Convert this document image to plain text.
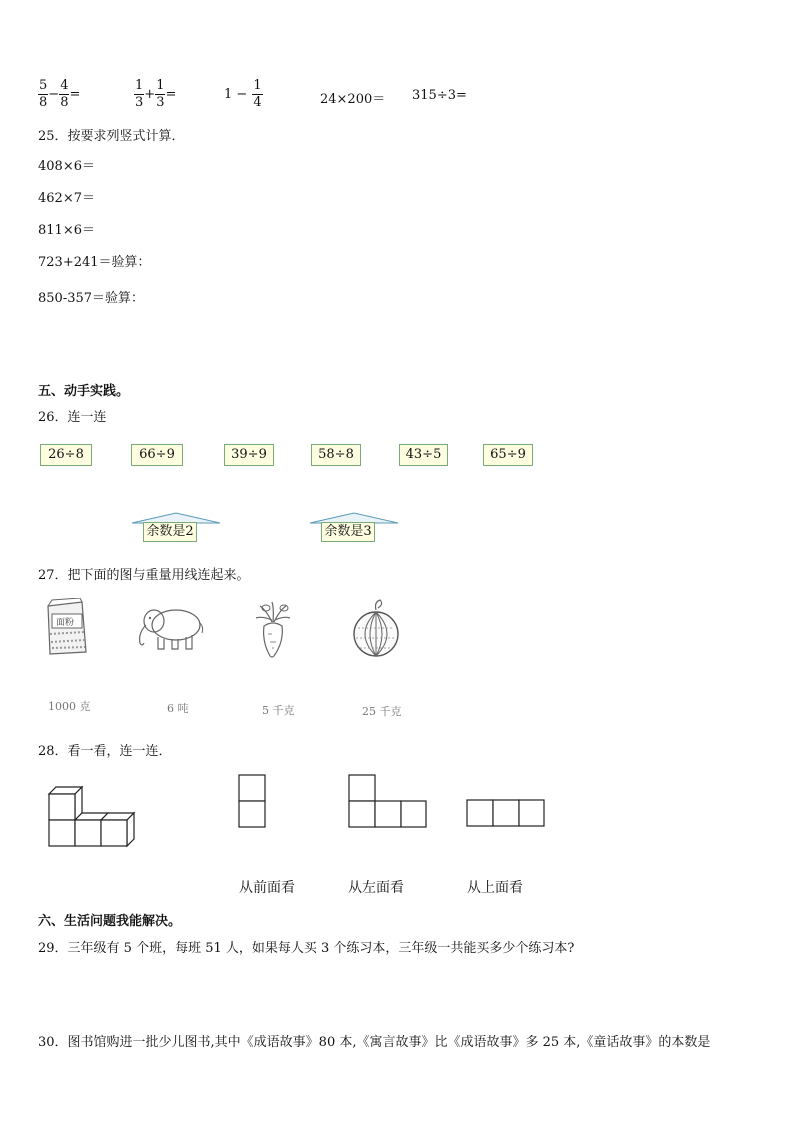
$\frac{5}{8} - \frac{4}{8}$ =	$\frac{1}{3} + \frac{1}{3}$ =	$1 - \frac{1}{4}$	24×200＝ 315÷3=
25．按要求列竖式计算．
408×6＝
462×7＝
811×6＝
723+241＝验算：
850-357＝验算：
五、动手实践。
26．连一连
26÷8	66÷9	39÷9	58÷8	43÷5	65÷9
余数是2	余数是3
27．把下面的图与重量用线连起来。
面粉
1000 克	6 吨	5 千克	25 千克
28．看一看，连一连．
从前面看	从左面看	从上面看
六、生活问题我能解决。
29．三年级有 5 个班，每班 51 人，如果每人买 3 个练习本，三年级一共能买多少个练习本?
30．图书馆购进一批少儿图书,其中《成语故事》80 本,《寓言故事》比《成语故事》多 25 本,《童话故事》的本数是
